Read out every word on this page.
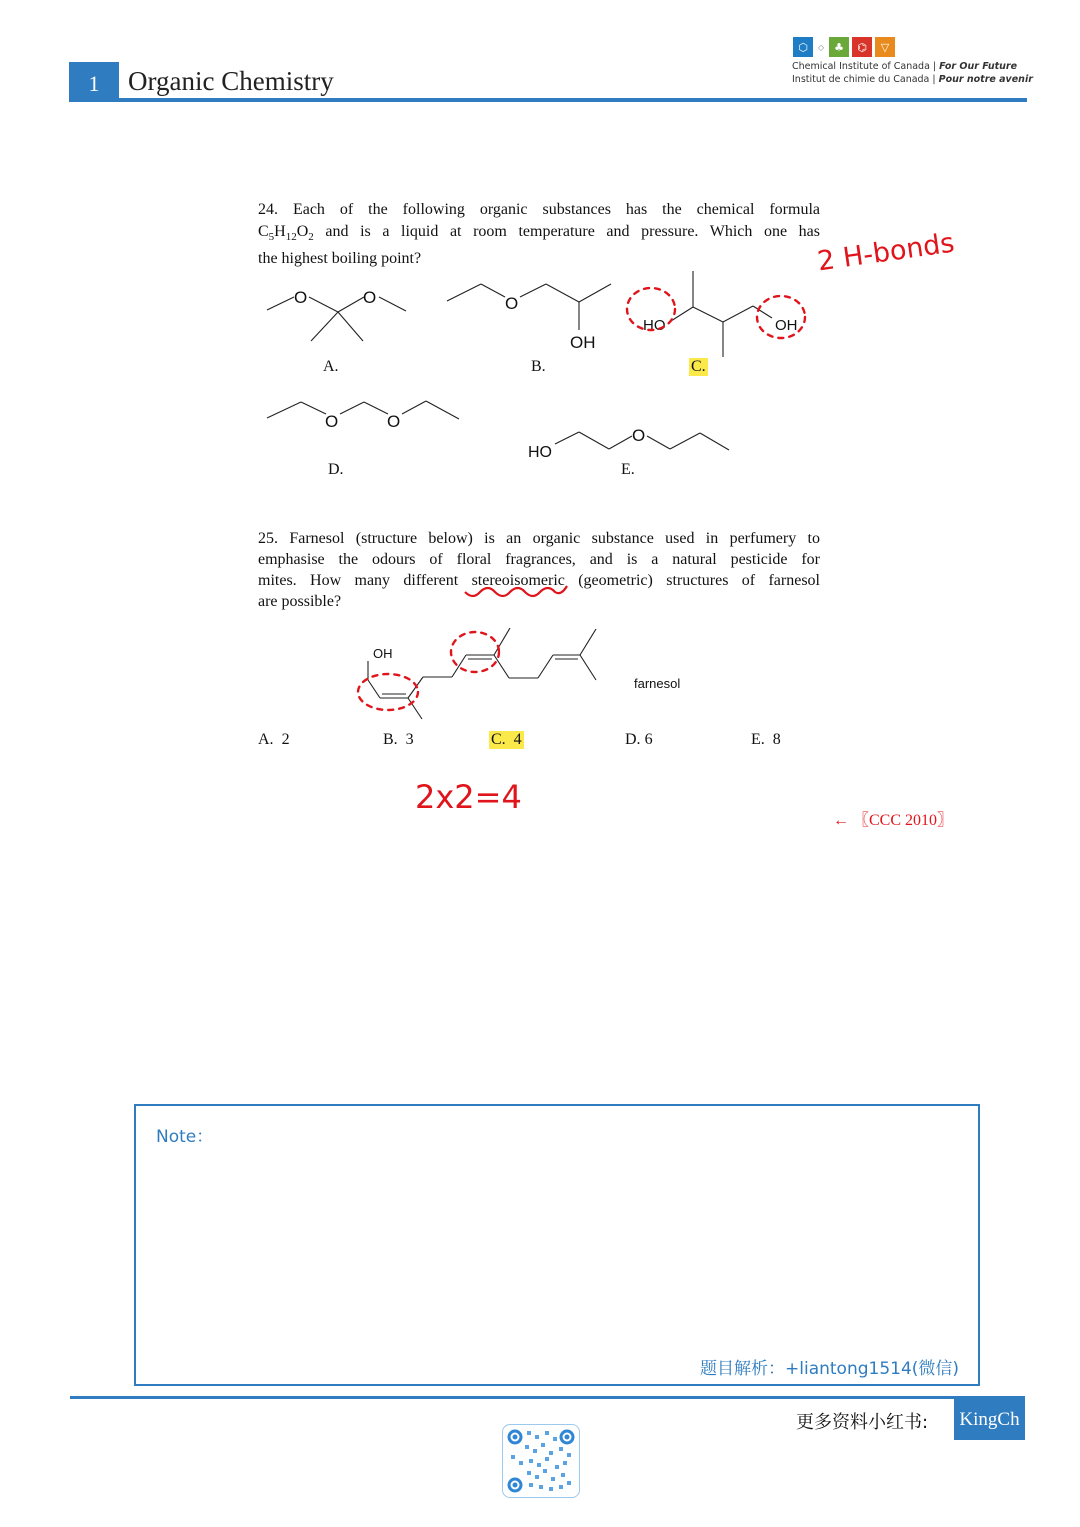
1	Organic Chemistry
⬡	◇ ♣	⌬	▽
Chemical Institute of Canada | For Our Future
Institut de chimie du Canada | Pour notre avenir
24. Each of the following organic substances has the chemical formula
$C_5H_{12}O_2$ and is a liquid at room temperature and pressure. Which one has
the highest boiling point?
O	O	O
OH
HO	OH
O	O
HO
O
OH
farnesol
A.	B.	C.
D.	E.
2 H-bonds
25. Farnesol (structure below) is an organic substance used in perfumery to
emphasise the odours of floral fragrances, and is a natural pesticide for
mites. How many different stereoisomeric (geometric) structures of farnesol
are possible?
A. 2	B. 3	C. 4	D. 6	E. 8
2x2=4
← 〖CCC 2010〗
Note：
题目解析：+liantong1514(微信)
更多资料小红书: KingCh
